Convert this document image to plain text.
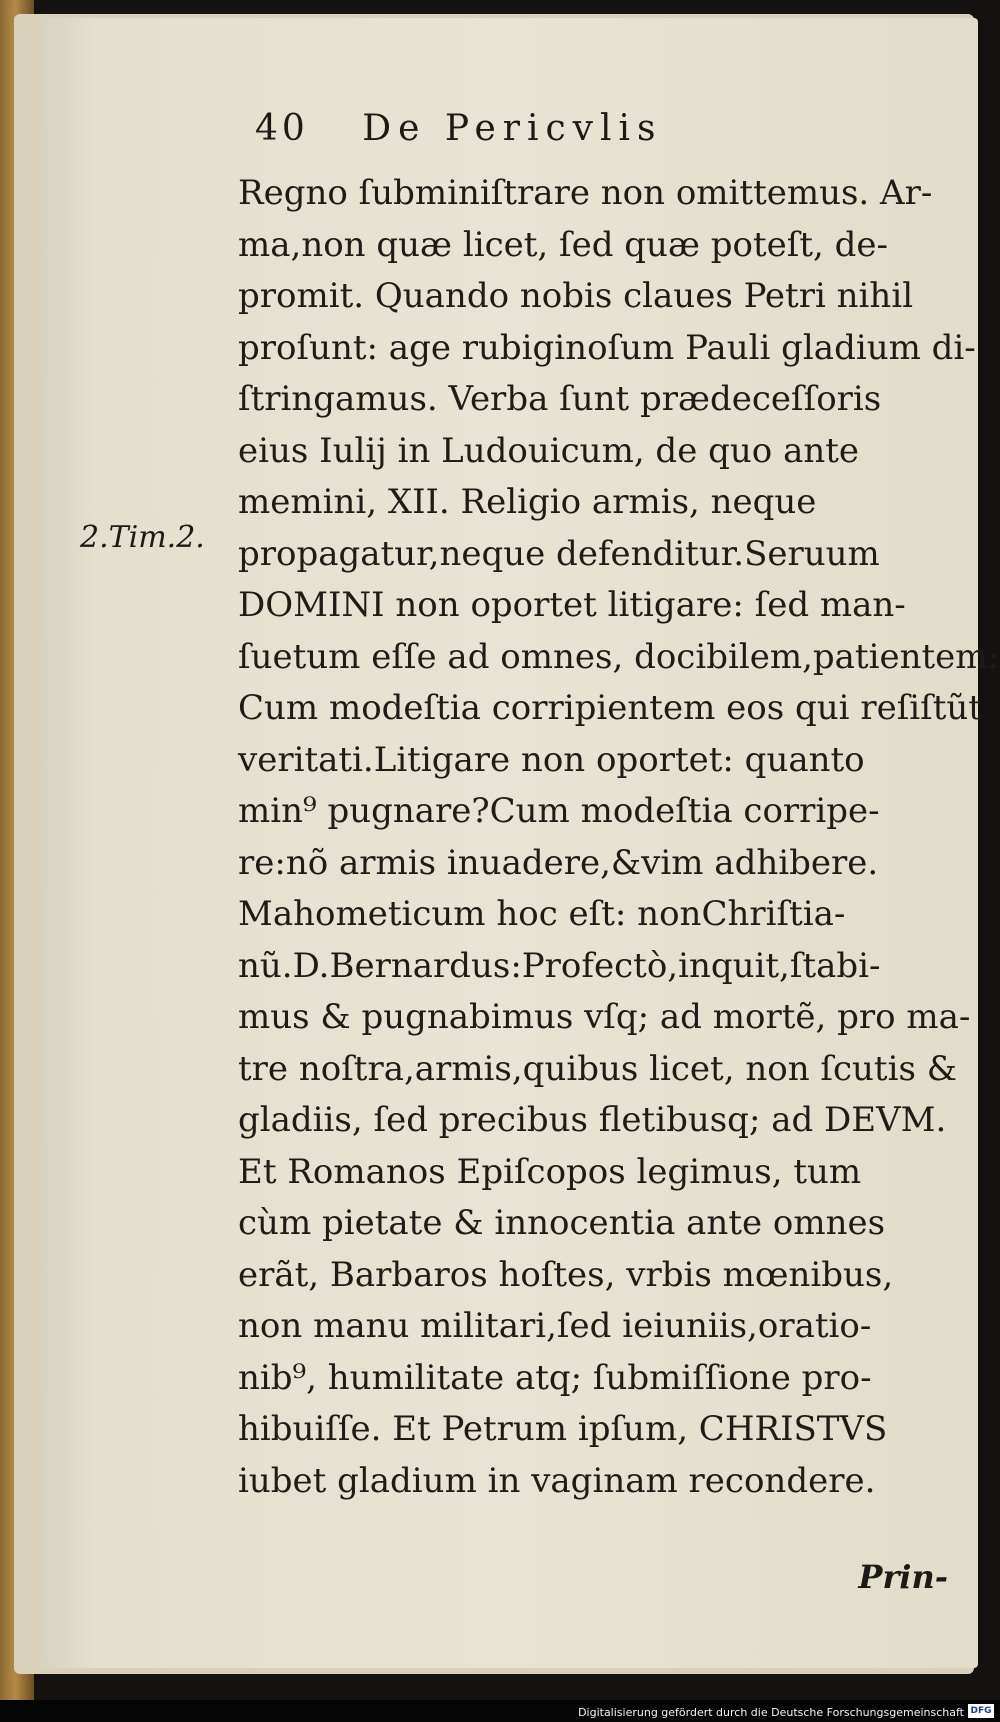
40 De Pericvlis
2.Tim.2.
Regno ſubminiſtrare non omittemus. Ar-
ma,non quæ licet, ſed quæ poteſt, de-
promit. Quando nobis claues Petri nihil
proſunt: age rubiginoſum Pauli gladium di-
ſtringamus. Verba ſunt prædeceſſoris
eius Iulij in Ludouicum, de quo ante
memini, XII. Religio armis, neque
propagatur,neque defenditur.Seruum
DOMINI non oportet litigare: ſed man-
ſuetum eſſe ad omnes, docibilem,patientem:
Cum modeſtia corripientem eos qui reſiſtũt
veritati.Litigare non oportet: quanto
min⁹ pugnare?Cum modeſtia corripe-
re:nõ armis inuadere,&vim adhibere.
Mahometicum hoc eſt: nonChriſtia-
nũ.D.Bernardus:Profectò,inquit,ſtabi-
mus & pugnabimus vſq; ad mortẽ, pro ma-
tre noſtra,armis,quibus licet, non ſcutis &
gladiis, ſed precibus fletibusq; ad DEVM.
Et Romanos Epiſcopos legimus, tum
cùm pietate & innocentia ante omnes
erãt, Barbaros hoſtes, vrbis mœnibus,
non manu militari,ſed ieiuniis,oratio-
nib⁹, humilitate atq; ſubmiſſione pro-
hibuiſſe. Et Petrum ipſum, CHRISTVS
iubet gladium in vaginam recondere.
Prin-
Digitalisierung gefördert durch die Deutsche Forschungsgemeinschaft DFG
